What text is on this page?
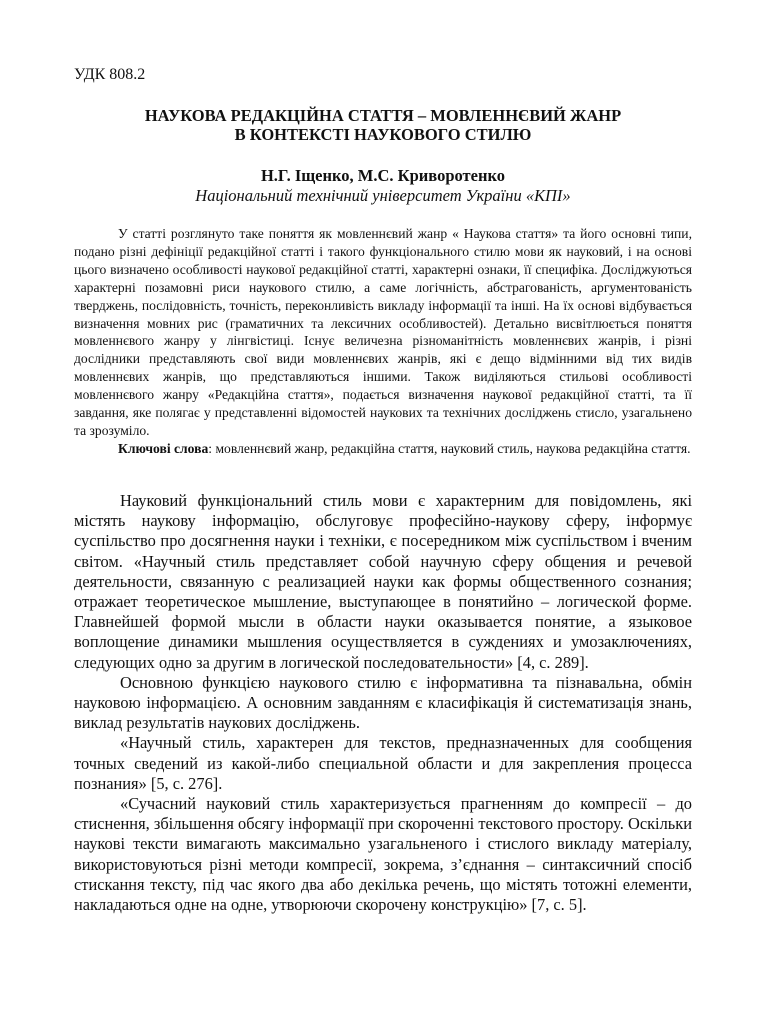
УДК 808.2
НАУКОВА РЕДАКЦІЙНА СТАТТЯ – МОВЛЕННЄВИЙ ЖАНР
В КОНТЕКСТІ НАУКОВОГО СТИЛЮ
Н.Г. Іщенко, М.С. Криворотенко
Національний технічний університет України «КПІ»

У статті розглянуто таке поняття як мовленнєвий жанр « Наукова стаття» та його основні типи, подано різні дефініції редакційної статті і такого функціонального стилю мови як науковий, і на основі цього визначено особливості наукової редакційної статті, характерні ознаки, її специфіка. Досліджуються характерні позамовні риси наукового стилю, а саме логічність, абстрагованість, аргументованість тверджень, послідовність, точність, переконливість викладу інформації та інші. На їх основі відбувається визначення мовних рис (граматичних та лексичних особливостей). Детально висвітлюється поняття мовленнєвого жанру у лінгвістиці. Існує величезна різноманітність мовленнєвих жанрів, і різні дослідники представляють свої види мовленнєвих жанрів, які є дещо відмінними від тих видів мовленнєвих жанрів, що представляються іншими. Також виділяються стильові особливості мовленнєвого жанру «Редакційна стаття», подається визначення наукової редакційної статті, та її завдання, яке полягає у представленні відомостей наукових та технічних досліджень стисло, узагальнено та зрозуміло.

Ключові слова: мовленнєвий жанр, редакційна стаття, науковий стиль, наукова редакційна стаття.

Науковий функціональний стиль мови є характерним для повідомлень, які містять наукову інформацію, обслуговує професійно-наукову сферу, інформує суспільство про досягнення науки і техніки, є посередником між суспільством і вченим світом. «Научный стиль представляет собой научную сферу общения и речевой деятельности, связанную с реализацией науки как формы общественного сознания; отражает теоретическое мышление, выступающее в понятийно – логической форме. Главнейшей формой мысли в области науки оказывается понятие, а языковое воплощение динамики мышления осуществляется в суждениях и умозаключениях, следующих одно за другим в логической последовательности» [4, с. 289].

Основною функцією наукового стилю є інформативна та пізнавальна, обмін науковою інформацією. А основним завданням є класифікація й систематизація знань, виклад результатів наукових досліджень.

«Научный стиль, характерен для текстов, предназначенных для сообщения точных сведений из какой-либо специальной области и для закрепления процесса познания» [5, с. 276].

«Сучасний науковий стиль характеризується прагненням до компресії – до стиснення, збільшення обсягу інформації при скороченні текстового простору. Оскільки наукові тексти вимагають максимально узагальненого і стислого викладу матеріалу, використовуються різні методи компресії, зокрема, з’єднання – синтаксичний спосіб стискання тексту, під час якого два або декілька речень, що містять тотожні елементи, накладаються одне на одне, утворюючи скорочену конструкцію» [7, с. 5].
